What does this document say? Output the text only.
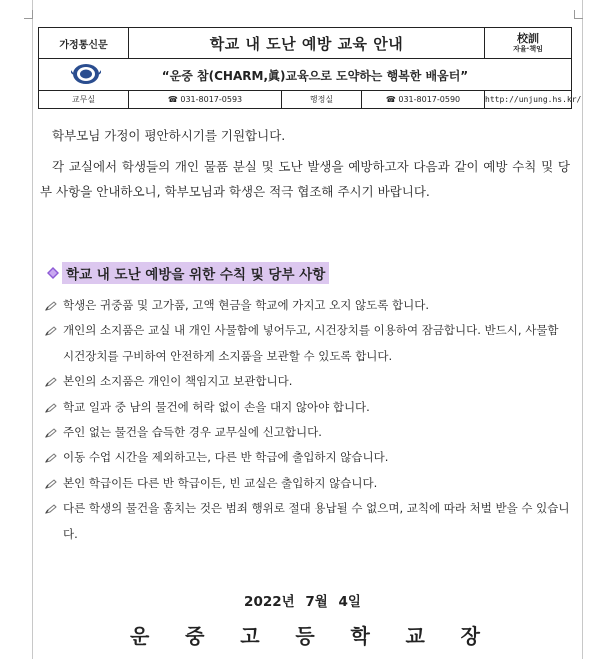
가정통신문	학교 내 도난 예방 교육 안내			校訓
자율·책임

“운중 참(CHARM,眞)교육으로 도약하는 행복한 배움터”				
교무실	☎ 031-8017-0593	행정실	☎ 031-8017-0590	http://unjung.hs.kr/
학부모님 가정이 평안하시기를 기원합니다.
각 교실에서 학생들의 개인 물품 분실 및 도난 발생을 예방하고자 다음과 같이 예방 수칙 및 당부 사항을 안내하오니, 학부모님과 학생은 적극 협조해 주시기 바랍니다.
학교 내 도난 예방을 위한 수칙 및 당부 사항
학생은 귀중품 및 고가품, 고액 현금을 학교에 가지고 오지 않도록 합니다.
개인의 소지품은 교실 내 개인 사물함에 넣어두고, 시건장치를 이용하여 잠금합니다. 반드시, 사물함 시건장치를 구비하여 안전하게 소지품을 보관할 수 있도록 합니다.
본인의 소지품은 개인이 책임지고 보관합니다.
학교 일과 중 남의 물건에 허락 없이 손을 대지 않아야 합니다.
주인 없는 물건을 습득한 경우 교무실에 신고합니다.
이동 수업 시간을 제외하고는, 다른 반 학급에 출입하지 않습니다.
본인 학급이든 다른 반 학급이든, 빈 교실은 출입하지 않습니다.
다른 학생의 물건을 훔치는 것은 범죄 행위로 절대 용납될 수 없으며, 교칙에 따라 처벌 받을 수 있습니다.
2022년 7월 4일
운 중 고 등 학 교 장
